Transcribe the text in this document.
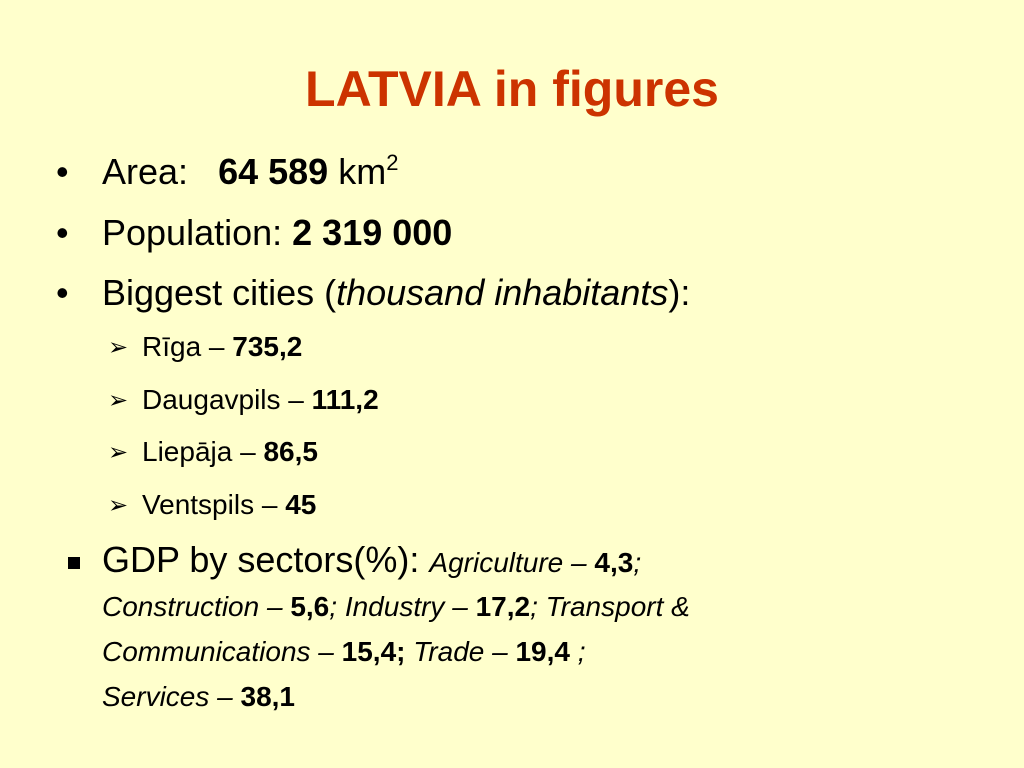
LATVIA in figures
• Area: 64 589 $km^2$
• Population: 2 319 000
• Biggest cities (thousand inhabitants):
➢ Rīga – 735,2
➢ Daugavpils – 111,2
➢ Liepāja – 86,5
➢ Ventspils – 45
GDP by sectors(%): Agriculture – 4,3;
Construction – 5,6; Industry – 17,2; Transport &
Communications – 15,4; Trade – 19,4 ;
Services – 38,1
